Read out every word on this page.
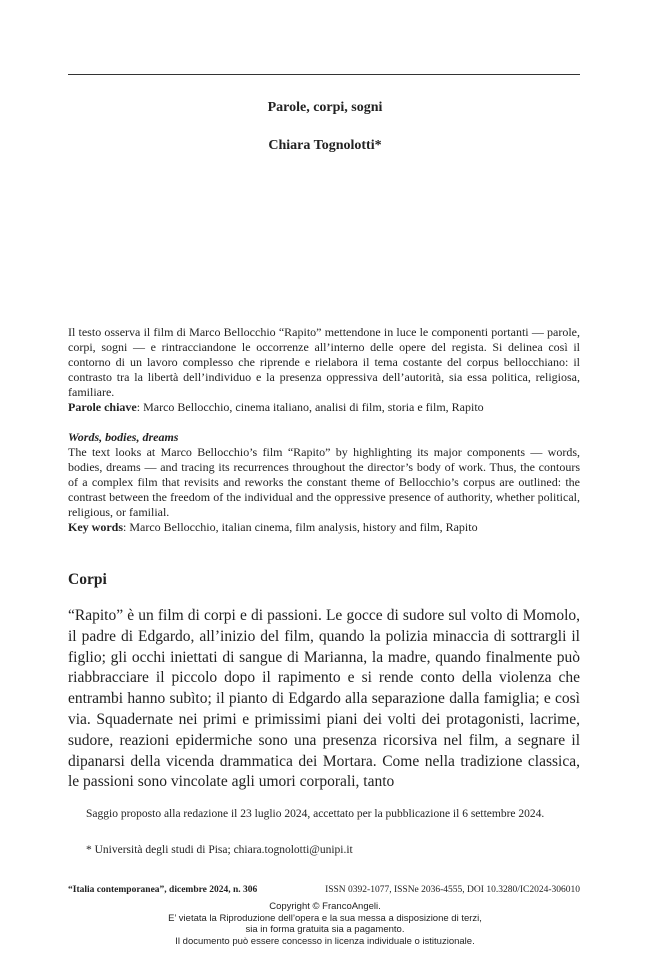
Parole, corpi, sogni
Chiara Tognolotti*

Il testo osserva il film di Marco Bellocchio “Rapito” mettendone in luce le componenti portanti — parole, corpi, sogni — e rintracciandone le occorrenze all’interno delle opere del regista. Si delinea così il contorno di un lavoro complesso che riprende e rielabora il tema costante del corpus bellocchiano: il contrasto tra la libertà dell’individuo e la presenza oppressiva dell’autorità, sia essa politica, religiosa, familiare.

Parole chiave: Marco Bellocchio, cinema italiano, analisi di film, storia e film, Rapito

Words, bodies, dreams

The text looks at Marco Bellocchio’s film “Rapito” by highlighting its major components — words, bodies, dreams — and tracing its recurrences throughout the director’s body of work. Thus, the contours of a complex film that revisits and reworks the constant theme of Bellocchio’s corpus are outlined: the contrast between the freedom of the individual and the oppressive presence of authority, whether political, religious, or familial.

Key words: Marco Bellocchio, italian cinema, film analysis, history and film, Rapito

Corpi

“Rapito” è un film di corpi e di passioni. Le gocce di sudore sul volto di Momolo, il padre di Edgardo, all’inizio del film, quando la polizia minaccia di sottrargli il figlio; gli occhi iniettati di sangue di Marianna, la madre, quando finalmente può riabbracciare il piccolo dopo il rapimento e si rende conto della violenza che entrambi hanno subìto; il pianto di Edgardo alla separazione dalla famiglia; e così via. Squadernate nei primi e primissimi piani dei volti dei protagonisti, lacrime, sudore, reazioni epidermiche sono una presenza ricorsiva nel film, a segnare il dipanarsi della vicenda drammatica dei Mortara. Come nella tradizione classica, le passioni sono vincolate agli umori corporali, tanto

Saggio proposto alla redazione il 23 luglio 2024, accettato per la pubblicazione il 6 settembre 2024.

* Università degli studi di Pisa; chiara.tognolotti@unipi.it

“Italia contemporanea”, dicembre 2024, n. 306	ISSN 0392-1077, ISSNe 2036-4555, DOI 10.3280/IC2024-306010
Copyright © FrancoAngeli.
E’ vietata la Riproduzione dell’opera e la sua messa a disposizione di terzi,
sia in forma gratuita sia a pagamento.
Il documento può essere concesso in licenza individuale o istituzionale.
